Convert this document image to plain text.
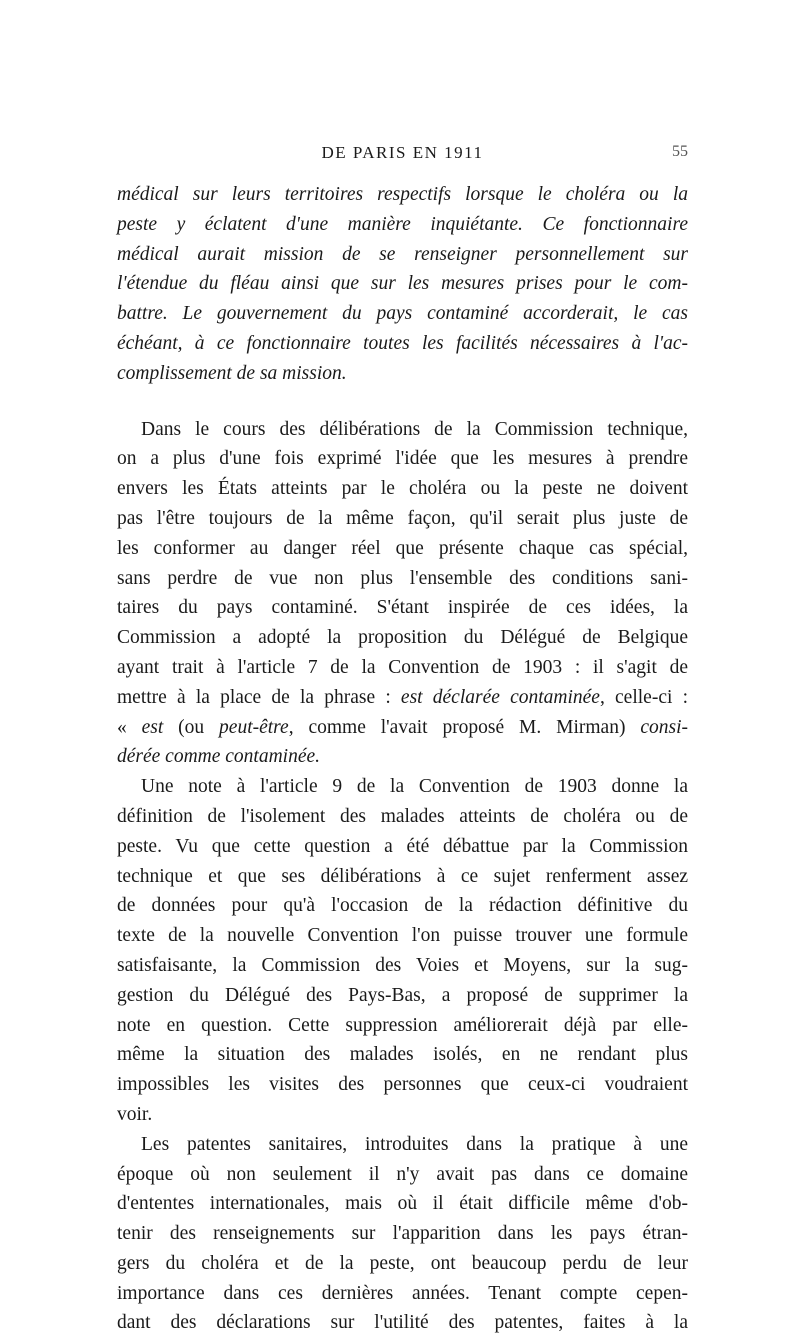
DE PARIS EN 1911	55
médical sur leurs territoires respectifs lorsque le choléra ou la
peste y éclatent d'une manière inquiétante. Ce fonctionnaire
médical aurait mission de se renseigner personnellement sur
l'étendue du fléau ainsi que sur les mesures prises pour le com-
battre. Le gouvernement du pays contaminé accorderait, le cas
échéant, à ce fonctionnaire toutes les facilités nécessaires à l'ac-
complissement de sa mission.
Dans le cours des délibérations de la Commission technique,
on a plus d'une fois exprimé l'idée que les mesures à prendre
envers les États atteints par le choléra ou la peste ne doivent
pas l'être toujours de la même façon, qu'il serait plus juste de
les conformer au danger réel que présente chaque cas spécial,
sans perdre de vue non plus l'ensemble des conditions sani-
taires du pays contaminé. S'étant inspirée de ces idées, la
Commission a adopté la proposition du Délégué de Belgique
ayant trait à l'article 7 de la Convention de 1903 : il s'agit de
mettre à la place de la phrase : est déclarée contaminée, celle-ci :
« est (ou peut-être, comme l'avait proposé M. Mirman) consi-
dérée comme contaminée.
Une note à l'article 9 de la Convention de 1903 donne la
définition de l'isolement des malades atteints de choléra ou de
peste. Vu que cette question a été débattue par la Commission
technique et que ses délibérations à ce sujet renferment assez
de données pour qu'à l'occasion de la rédaction définitive du
texte de la nouvelle Convention l'on puisse trouver une formule
satisfaisante, la Commission des Voies et Moyens, sur la sug-
gestion du Délégué des Pays-Bas, a proposé de supprimer la
note en question. Cette suppression améliorerait déjà par elle-
même la situation des malades isolés, en ne rendant plus
impossibles les visites des personnes que ceux-ci voudraient
voir.
Les patentes sanitaires, introduites dans la pratique à une
époque où non seulement il n'y avait pas dans ce domaine
d'ententes internationales, mais où il était difficile même d'ob-
tenir des renseignements sur l'apparition dans les pays étran-
gers du choléra et de la peste, ont beaucoup perdu de leur
importance dans ces dernières années. Tenant compte cepen-
dant des déclarations sur l'utilité des patentes, faites à la
